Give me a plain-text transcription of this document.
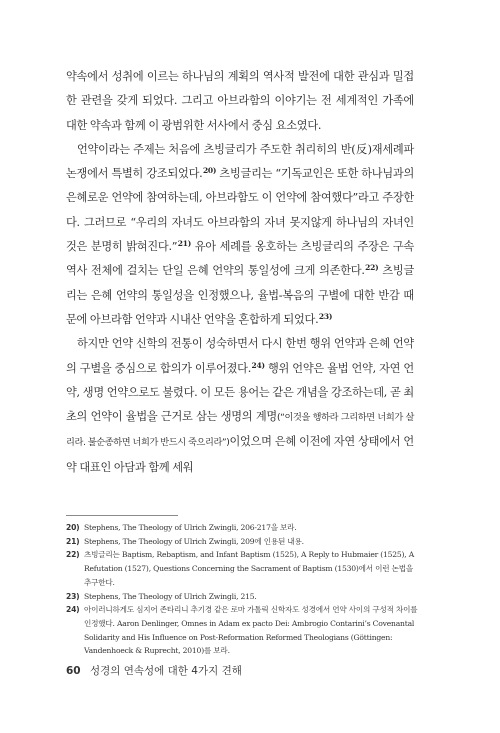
약속에서 성취에 이르는 하나님의 계획의 역사적 발전에 대한 관심과 밀접한 관련을 갖게 되었다. 그리고 아브라함의 이야기는 전 세계적인 가족에 대한 약속과 함께 이 광범위한 서사에서 중심 요소였다.

언약이라는 주제는 처음에 츠빙글리가 주도한 취리히의 반(反)재세례파 논쟁에서 특별히 강조되었다.$^{20)}$ 츠빙글리는 “기독교인은 또한 하나님과의 은혜로운 언약에 참여하는데, 아브라함도 이 언약에 참여했다”라고 주장한다. 그러므로 “우리의 자녀도 아브라함의 자녀 못지않게 하나님의 자녀인 것은 분명히 밝혀진다.”$^{21)}$ 유아 세례를 옹호하는 츠빙글리의 주장은 구속 역사 전체에 걸치는 단일 은혜 언약의 통일성에 크게 의존한다.$^{22)}$ 츠빙글리는 은혜 언약의 통일성을 인정했으나, 율법-복음의 구별에 대한 반감 때문에 아브라함 언약과 시내산 언약을 혼합하게 되었다.$^{23)}$

하지만 언약 신학의 전통이 성숙하면서 다시 한번 행위 언약과 은혜 언약의 구별을 중심으로 합의가 이루어졌다.$^{24)}$ 행위 언약은 율법 언약, 자연 언약, 생명 언약으로도 불렸다. 이 모든 용어는 같은 개념을 강조하는데, 곧 최초의 언약이 율법을 근거로 삼는 생명의 계명(“이것을 행하라 그리하면 너희가 살리라. 불순종하면 너희가 반드시 죽으리라”)이었으며 은혜 이전에 자연 상태에서 언약 대표인 아담과 함께 세워

20) Stephens, The Theology of Ulrich Zwingli, 206-217을 보라.
21) Stephens, The Theology of Ulrich Zwingli, 209에 인용된 내용.
22) 츠빙글리는 Baptism, Rebaptism, and Infant Baptism (1525), A Reply to Hubmaier (1525), A Refutation (1527), Questions Concerning the Sacrament of Baptism (1530)에서 이런 논법을 추구한다.
23) Stephens, The Theology of Ulrich Zwingli, 215.
24) 아이러니하게도 심지어 존타리니 추기경 같은 로마 가톨릭 신학자도 성경에서 언약 사이의 구성적 차이를 인정했다. Aaron Denlinger, Omnes in Adam ex pacto Dei: Ambrogio Contarini’s Covenantal Solidarity and His Influence on Post-Reformation Reformed Theologians (Göttingen: Vandenhoeck & Ruprecht, 2010)를 보라.
60 성경의 연속성에 대한 4가지 견해
